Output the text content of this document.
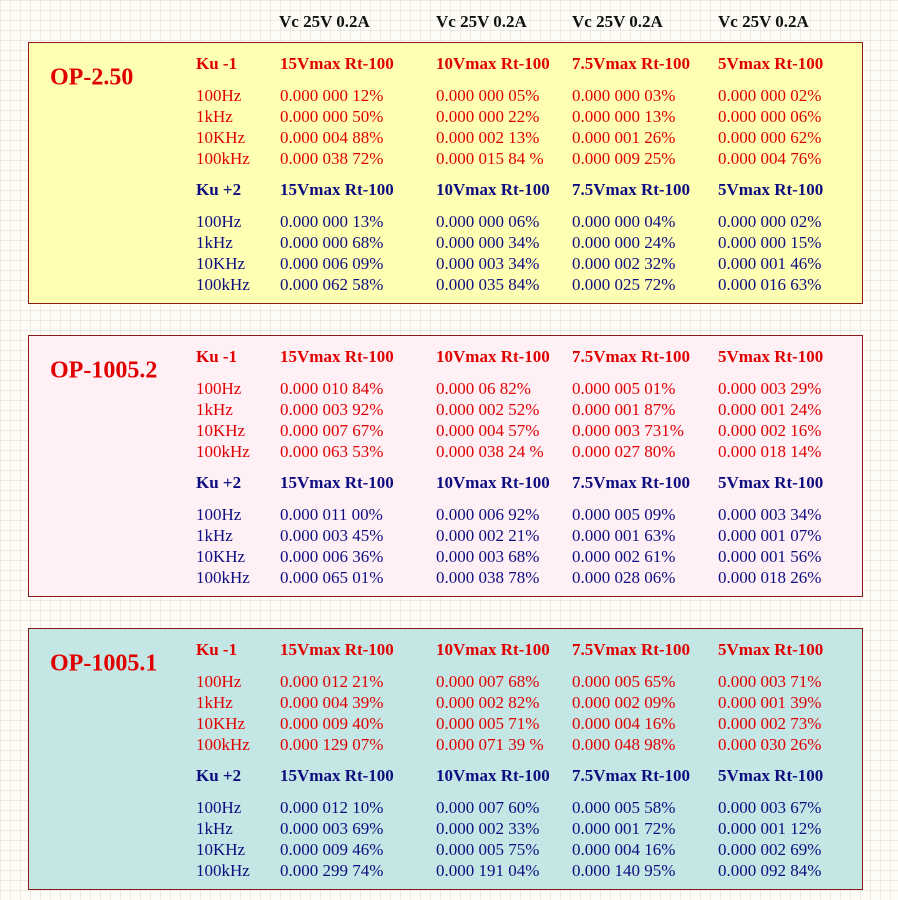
Vc 25V 0.2A	Vc 25V 0.2A	Vc 25V 0.2A	Vc 25V 0.2A
OP-2.50
Ku -1	15Vmax Rt-100 10Vmax Rt-100 7.5Vmax Rt-100 5Vmax Rt-100
100Hz 0.000 000 12%	0.000 000 05% 0.000 000 03%	0.000 000 02%
1kHz	0.000 000 50%	0.000 000 22% 0.000 000 13%	0.000 000 06%
10KHz 0.000 004 88%	0.000 002 13% 0.000 001 26%	0.000 000 62%
100kHz 0.000 038 72%	0.000 015 84 % 0.000 009 25%	0.000 004 76%
Ku +2 15Vmax Rt-100 10Vmax Rt-100 7.5Vmax Rt-100 5Vmax Rt-100
100Hz 0.000 000 13%	0.000 000 06% 0.000 000 04%	0.000 000 02%
1kHz	0.000 000 68%	0.000 000 34% 0.000 000 24%	0.000 000 15%
10KHz 0.000 006 09%	0.000 003 34% 0.000 002 32%	0.000 001 46%
100kHz 0.000 062 58%	0.000 035 84% 0.000 025 72%	0.000 016 63%
OP-1005.2
Ku -1	15Vmax Rt-100 10Vmax Rt-100 7.5Vmax Rt-100 5Vmax Rt-100
100Hz 0.000 010 84%	0.000 06 82% 0.000 005 01%	0.000 003 29%
1kHz	0.000 003 92%	0.000 002 52% 0.000 001 87%	0.000 001 24%
10KHz 0.000 007 67%	0.000 004 57% 0.000 003 731% 0.000 002 16%
100kHz 0.000 063 53%	0.000 038 24 % 0.000 027 80%	0.000 018 14%
Ku +2 15Vmax Rt-100 10Vmax Rt-100 7.5Vmax Rt-100 5Vmax Rt-100
100Hz 0.000 011 00%	0.000 006 92% 0.000 005 09%	0.000 003 34%
1kHz	0.000 003 45%	0.000 002 21% 0.000 001 63%	0.000 001 07%
10KHz 0.000 006 36%	0.000 003 68% 0.000 002 61%	0.000 001 56%
100kHz 0.000 065 01%	0.000 038 78% 0.000 028 06%	0.000 018 26%
OP-1005.1
Ku -1	15Vmax Rt-100 10Vmax Rt-100 7.5Vmax Rt-100 5Vmax Rt-100
100Hz 0.000 012 21%	0.000 007 68% 0.000 005 65%	0.000 003 71%
1kHz	0.000 004 39%	0.000 002 82% 0.000 002 09%	0.000 001 39%
10KHz 0.000 009 40%	0.000 005 71% 0.000 004 16%	0.000 002 73%
100kHz 0.000 129 07%	0.000 071 39 % 0.000 048 98%	0.000 030 26%
Ku +2 15Vmax Rt-100 10Vmax Rt-100 7.5Vmax Rt-100 5Vmax Rt-100
100Hz 0.000 012 10%	0.000 007 60% 0.000 005 58%	0.000 003 67%
1kHz	0.000 003 69%	0.000 002 33% 0.000 001 72%	0.000 001 12%
10KHz 0.000 009 46%	0.000 005 75% 0.000 004 16%	0.000 002 69%
100kHz 0.000 299 74%	0.000 191 04% 0.000 140 95%	0.000 092 84%
